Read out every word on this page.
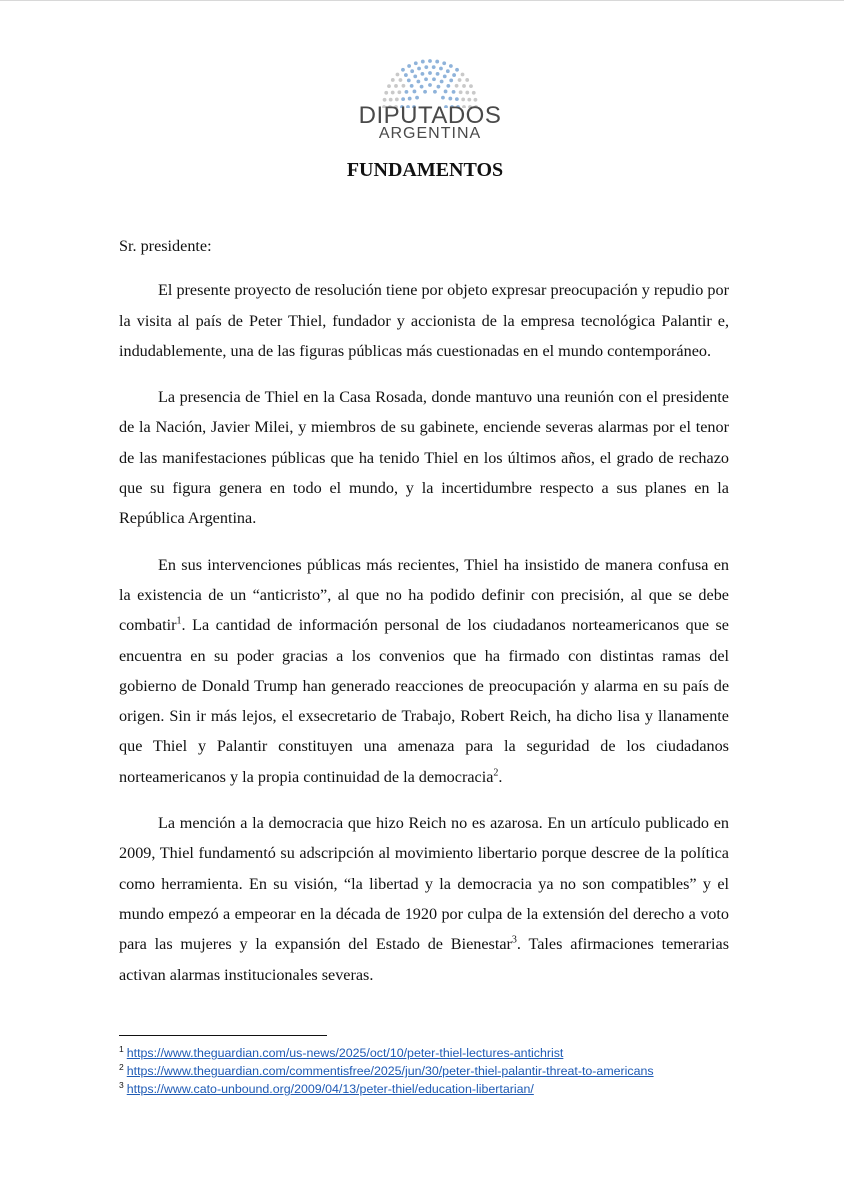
DIPUTADOS
ARGENTINA
FUNDAMENTOS

Sr. presidente:

El presente proyecto de resolución tiene por objeto expresar preocupación y repudio por la visita al país de Peter Thiel, fundador y accionista de la empresa tecnológica Palantir e, indudablemente, una de las figuras públicas más cuestionadas en el mundo contemporáneo.

La presencia de Thiel en la Casa Rosada, donde mantuvo una reunión con el presidente de la Nación, Javier Milei, y miembros de su gabinete, enciende severas alarmas por el tenor de las manifestaciones públicas que ha tenido Thiel en los últimos años, el grado de rechazo que su figura genera en todo el mundo, y la incertidumbre respecto a sus planes en la República Argentina.

En sus intervenciones públicas más recientes, Thiel ha insistido de manera confusa en la existencia de un “anticristo”, al que no ha podido definir con precisión, al que se debe combatir$^1$. La cantidad de información personal de los ciudadanos norteamericanos que se encuentra en su poder gracias a los convenios que ha firmado con distintas ramas del gobierno de Donald Trump han generado reacciones de preocupación y alarma en su país de origen. Sin ir más lejos, el exsecretario de Trabajo, Robert Reich, ha dicho lisa y llanamente que Thiel y Palantir constituyen una amenaza para la seguridad de los ciudadanos norteamericanos y la propia continuidad de la democracia$^2$.

La mención a la democracia que hizo Reich no es azarosa. En un artículo publicado en 2009, Thiel fundamentó su adscripción al movimiento libertario porque descree de la política como herramienta. En su visión, “la libertad y la democracia ya no son compatibles” y el mundo empezó a empeorar en la década de 1920 por culpa de la extensión del derecho a voto para las mujeres y la expansión del Estado de Bienestar$^3$. Tales afirmaciones temerarias activan alarmas institucionales severas.

$^1$ https://www.theguardian.com/us-news/2025/oct/10/peter-thiel-lectures-antichrist
$^2$ https://www.theguardian.com/commentisfree/2025/jun/30/peter-thiel-palantir-threat-to-americans
$^3$ https://www.cato-unbound.org/2009/04/13/peter-thiel/education-libertarian/
